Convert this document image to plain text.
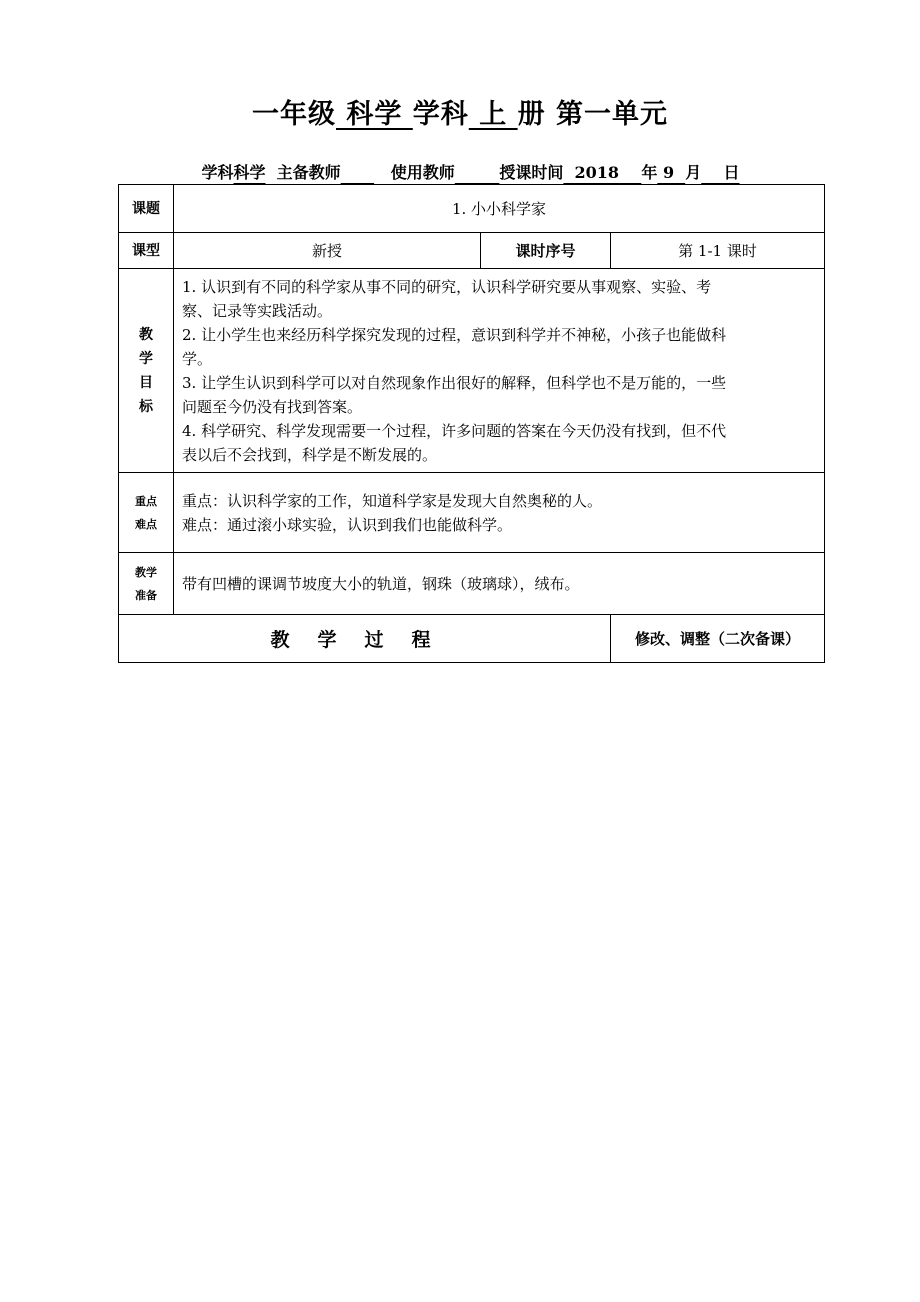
一年级 科学 学科 上 册 第一单元
学科科学 主备教师	使用教师	授课时间 2018 年 9 月 日
课题	1. 小小科学家		
课型	新授	课时序号	第 1-1 课时

教
学
目
标	1. 认识到有不同的科学家从事不同的研究，认识科学研究要从事观察、实验、考察、记录等实践活动。
2. 让小学生也来经历科学探究发现的过程，意识到科学并不神秘，小孩子也能做科学。
3. 让学生认识到科学可以对自然现象作出很好的解释，但科学也不是万能的，一些问题至今仍没有找到答案。
4. 科学研究、科学发现需要一个过程，许多问题的答案在今天仍没有找到，但不代表以后不会找到，科学是不断发展的。		

重点
难点	重点：认识科学家的工作，知道科学家是发现大自然奥秘的人。
难点：通过滚小球实验，认识到我们也能做科学。		

教学
准备	带有凹槽的课调节坡度大小的轨道，钢珠（玻璃球），绒布。		
教学过程			修改、调整（二次备课）
